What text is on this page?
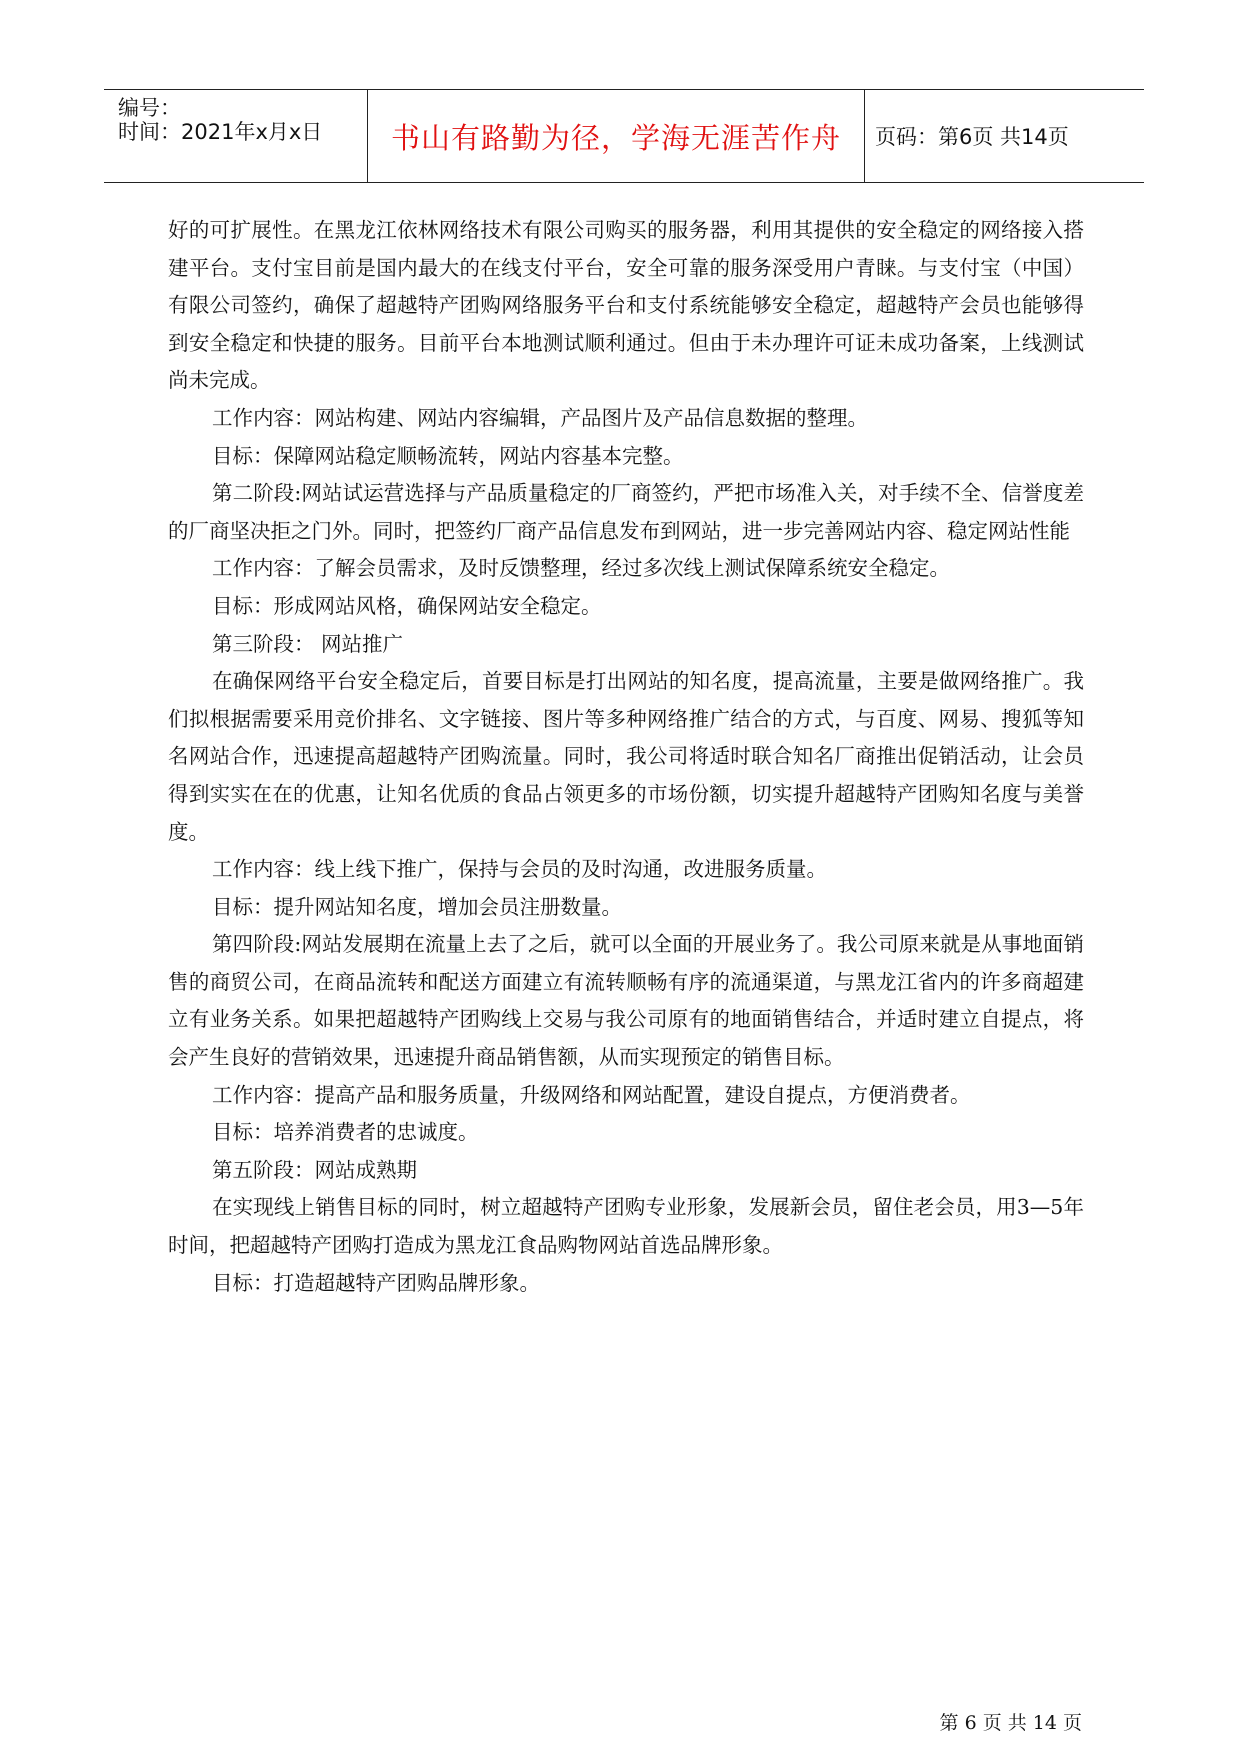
编号：
时间：2021年x月x日 书山有路勤为径，学海无涯苦作舟	页码：第6页 共14页

好的可扩展性。在黑龙江依林网络技术有限公司购买的服务器，利用其提供的安全稳定的网络接入搭建平台。支付宝目前是国内最大的在线支付平台，安全可靠的服务深受用户青睐。与支付宝（中国）有限公司签约，确保了超越特产团购网络服务平台和支付系统能够安全稳定，超越特产会员也能够得到安全稳定和快捷的服务。目前平台本地测试顺利通过。但由于未办理许可证未成功备案，上线测试尚未完成。

工作内容：网站构建、网站内容编辑，产品图片及产品信息数据的整理。

目标：保障网站稳定顺畅流转，网站内容基本完整。

第二阶段:网站试运营选择与产品质量稳定的厂商签约，严把市场准入关，对手续不全、信誉度差的厂商坚决拒之门外。同时，把签约厂商产品信息发布到网站，进一步完善网站内容、稳定网站性能

工作内容：了解会员需求，及时反馈整理，经过多次线上测试保障系统安全稳定。

目标：形成网站风格，确保网站安全稳定。

第三阶段： 网站推广

在确保网络平台安全稳定后，首要目标是打出网站的知名度，提高流量，主要是做网络推广。我们拟根据需要采用竞价排名、文字链接、图片等多种网络推广结合的方式，与百度、网易、搜狐等知名网站合作，迅速提高超越特产团购流量。同时，我公司将适时联合知名厂商推出促销活动，让会员得到实实在在的优惠，让知名优质的食品占领更多的市场份额，切实提升超越特产团购知名度与美誉度。

工作内容：线上线下推广，保持与会员的及时沟通，改进服务质量。

目标：提升网站知名度，增加会员注册数量。

第四阶段:网站发展期在流量上去了之后，就可以全面的开展业务了。我公司原来就是从事地面销售的商贸公司，在商品流转和配送方面建立有流转顺畅有序的流通渠道，与黑龙江省内的许多商超建立有业务关系。如果把超越特产团购线上交易与我公司原有的地面销售结合，并适时建立自提点，将会产生良好的营销效果，迅速提升商品销售额，从而实现预定的销售目标。

工作内容：提高产品和服务质量，升级网络和网站配置，建设自提点，方便消费者。

目标：培养消费者的忠诚度。

第五阶段：网站成熟期

在实现线上销售目标的同时，树立超越特产团购专业形象，发展新会员，留住老会员，用3—5年时间，把超越特产团购打造成为黑龙江食品购物网站首选品牌形象。

目标：打造超越特产团购品牌形象。

第 6 页 共 14 页
